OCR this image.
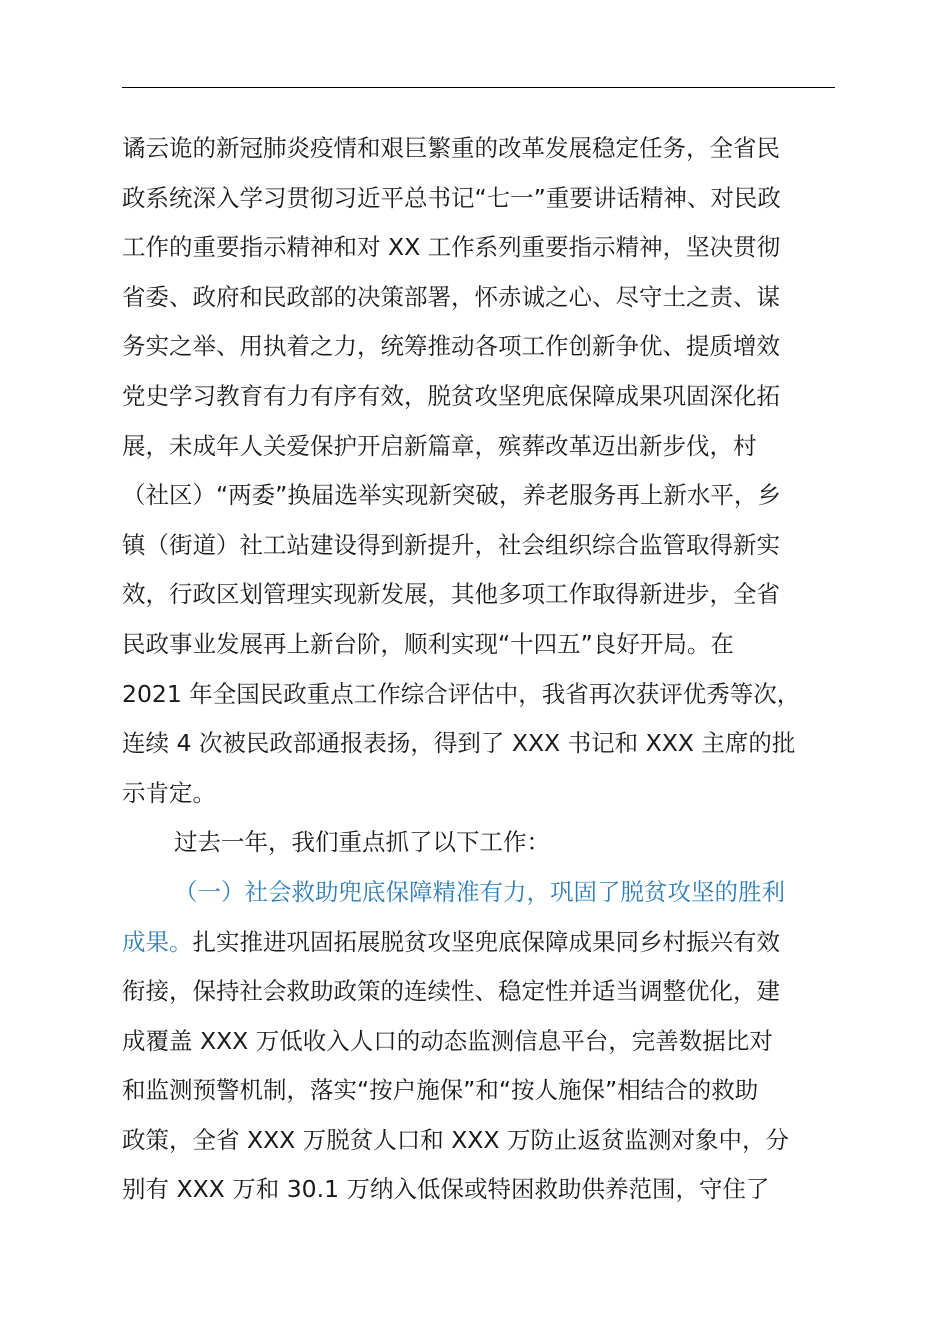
谲云诡的新冠肺炎疫情和艰巨繁重的改革发展稳定任务，全省民
政系统深入学习贯彻习近平总书记“七一”重要讲话精神、对民政
工作的重要指示精神和对 XX 工作系列重要指示精神，坚决贯彻
省委、政府和民政部的决策部署，怀赤诚之心、尽守土之责、谋
务实之举、用执着之力，统筹推动各项工作创新争优、提质增效
党史学习教育有力有序有效，脱贫攻坚兜底保障成果巩固深化拓
展，未成年人关爱保护开启新篇章，殡葬改革迈出新步伐，村
（社区）“两委”换届选举实现新突破，养老服务再上新水平，乡
镇（街道）社工站建设得到新提升，社会组织综合监管取得新实
效，行政区划管理实现新发展，其他多项工作取得新进步，全省
民政事业发展再上新台阶，顺利实现“十四五”良好开局。在
2021 年全国民政重点工作综合评估中，我省再次获评优秀等次，
连续 4 次被民政部通报表扬，得到了 XXX 书记和 XXX 主席的批
示肯定。
过去一年，我们重点抓了以下工作：
（一）社会救助兜底保障精准有力，巩固了脱贫攻坚的胜利
成果。扎实推进巩固拓展脱贫攻坚兜底保障成果同乡村振兴有效
衔接，保持社会救助政策的连续性、稳定性并适当调整优化，建
成覆盖 XXX 万低收入人口的动态监测信息平台，完善数据比对
和监测预警机制，落实“按户施保”和“按人施保”相结合的救助
政策，全省 XXX 万脱贫人口和 XXX 万防止返贫监测对象中，分
别有 XXX 万和 30.1 万纳入低保或特困救助供养范围，守住了
